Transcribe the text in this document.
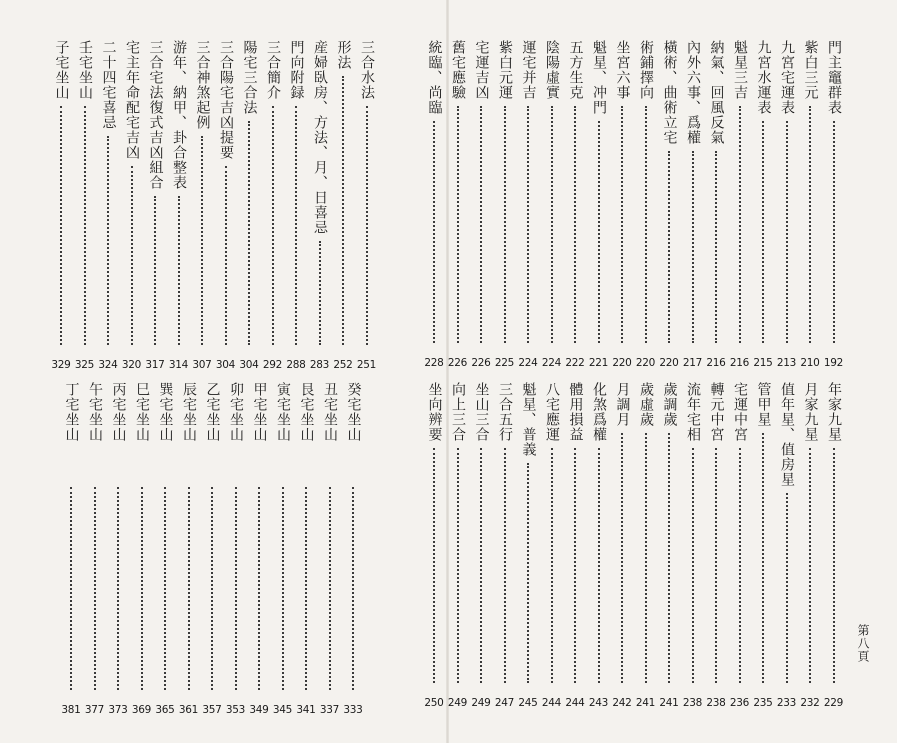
三合水法
251
形法
252
産婦臥房、方法、月、日喜忌
283
門向附録
288
三合簡介
292
陽宅三合法
304
三合陽宅吉凶提要
304
三合神煞起例
307
游年、納甲、卦合整表
314
三合宅法復式吉凶組合
317
宅主年命配宅吉凶
320
二十四宅喜忌
324
壬宅坐山
325
子宅坐山
329
癸宅坐山
333
丑宅坐山
337
艮宅坐山
341
寅宅坐山
345
甲宅坐山
349
卯宅坐山
353
乙宅坐山
357
辰宅坐山
361
巽宅坐山
365
巳宅坐山
369
丙宅坐山
373
午宅坐山
377
丁宅坐山
381
門主竈群表
192
紫白三元
210
九宮宅運表
213
九宮水運表
215
魁星三吉
216
納氣、回風反氣
216
內外六事、爲權
217
橫術、曲術立宅
220
術鋪擇向
220
坐宮六事
220
魁星、冲門
221
五方生克
222
陰陽虛實
224
運宅并吉
224
紫白元運
225
宅運吉凶
226
舊宅應驗
226
統臨、尚臨
228
年家九星
229
月家九星
232
值年星、值房星
233
管甲星
235
宅運中宮
236
轉元中宮
238
流年宅相
238
歲調歲
241
歲虛歲
241
月調月
242
化煞爲權
243
體用損益
244
八宅應運
244
魁星、普義
245
三合五行
247
坐山三合
249
向上三合
249
坐向辨要
250
第八頁
